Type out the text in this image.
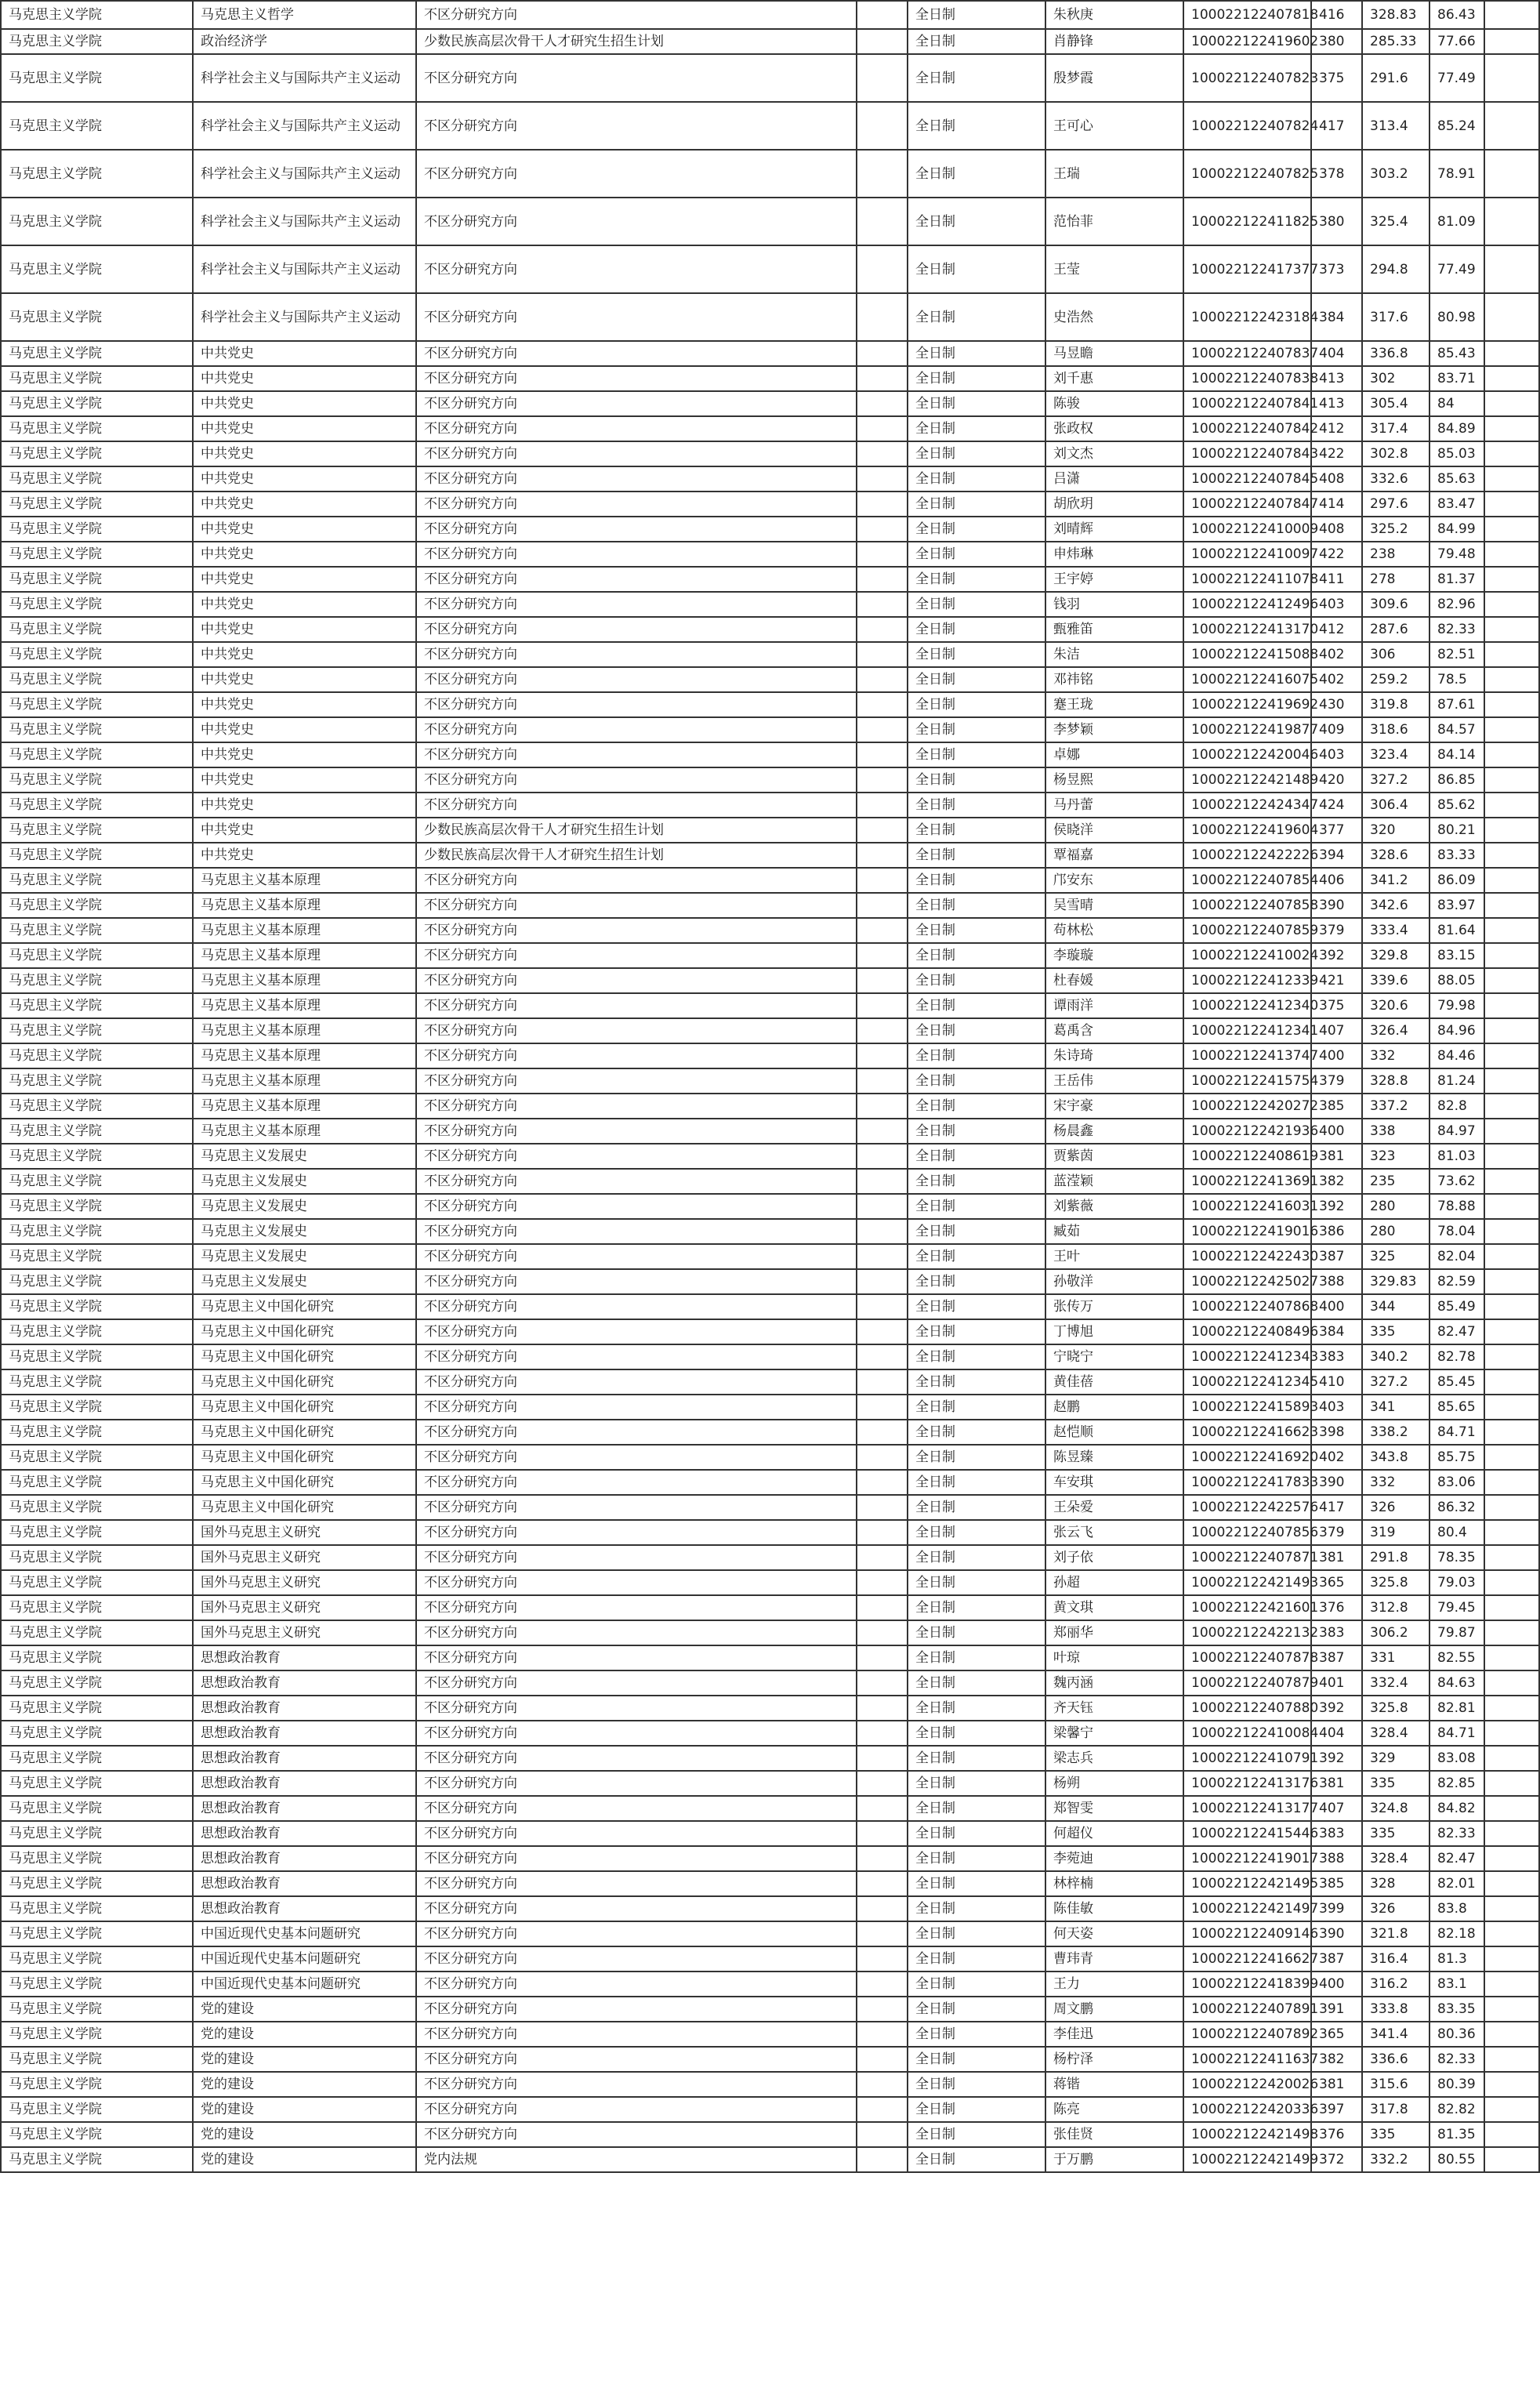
马克思主义学院	马克思主义哲学	不区分研究方向		全日制	朱秋庚	100022122407818	416	328.83	86.43	
马克思主义学院	政治经济学	少数民族高层次骨干人才研究生招生计划		全日制	肖静锋	100022122419602	380	285.33	77.66	
马克思主义学院	科学社会主义与国际共产主义运动	不区分研究方向		全日制	殷梦霞	100022122407823	375	291.6	77.49	
马克思主义学院	科学社会主义与国际共产主义运动	不区分研究方向		全日制	王可心	100022122407824	417	313.4	85.24	
马克思主义学院	科学社会主义与国际共产主义运动	不区分研究方向		全日制	王瑞	100022122407825	378	303.2	78.91	
马克思主义学院	科学社会主义与国际共产主义运动	不区分研究方向		全日制	范怡菲	100022122411825	380	325.4	81.09	
马克思主义学院	科学社会主义与国际共产主义运动	不区分研究方向		全日制	王莹	100022122417377	373	294.8	77.49	
马克思主义学院	科学社会主义与国际共产主义运动	不区分研究方向		全日制	史浩然	100022122423184	384	317.6	80.98	
马克思主义学院	中共党史	不区分研究方向		全日制	马昱瞻	100022122407837	404	336.8	85.43	
马克思主义学院	中共党史	不区分研究方向		全日制	刘千惠	100022122407838	413	302	83.71	
马克思主义学院	中共党史	不区分研究方向		全日制	陈骏	100022122407841	413	305.4	84	
马克思主义学院	中共党史	不区分研究方向		全日制	张政权	100022122407842	412	317.4	84.89	
马克思主义学院	中共党史	不区分研究方向		全日制	刘文杰	100022122407843	422	302.8	85.03	
马克思主义学院	中共党史	不区分研究方向		全日制	吕潇	100022122407845	408	332.6	85.63	
马克思主义学院	中共党史	不区分研究方向		全日制	胡欣玥	100022122407847	414	297.6	83.47	
马克思主义学院	中共党史	不区分研究方向		全日制	刘晴辉	100022122410009	408	325.2	84.99	
马克思主义学院	中共党史	不区分研究方向		全日制	申炜琳	100022122410097	422	238	79.48	
马克思主义学院	中共党史	不区分研究方向		全日制	王宇婷	100022122411078	411	278	81.37	
马克思主义学院	中共党史	不区分研究方向		全日制	钱羽	100022122412496	403	309.6	82.96	
马克思主义学院	中共党史	不区分研究方向		全日制	甄雅笛	100022122413170	412	287.6	82.33	
马克思主义学院	中共党史	不区分研究方向		全日制	朱洁	100022122415088	402	306	82.51	
马克思主义学院	中共党史	不区分研究方向		全日制	邓祎铭	100022122416075	402	259.2	78.5	
马克思主义学院	中共党史	不区分研究方向		全日制	蹇王珑	100022122419692	430	319.8	87.61	
马克思主义学院	中共党史	不区分研究方向		全日制	李梦颖	100022122419877	409	318.6	84.57	
马克思主义学院	中共党史	不区分研究方向		全日制	卓娜	100022122420046	403	323.4	84.14	
马克思主义学院	中共党史	不区分研究方向		全日制	杨昱熙	100022122421489	420	327.2	86.85	
马克思主义学院	中共党史	不区分研究方向		全日制	马丹蕾	100022122424347	424	306.4	85.62	
马克思主义学院	中共党史	少数民族高层次骨干人才研究生招生计划		全日制	侯晓洋	100022122419604	377	320	80.21	
马克思主义学院	中共党史	少数民族高层次骨干人才研究生招生计划		全日制	覃福嘉	100022122422226	394	328.6	83.33	
马克思主义学院	马克思主义基本原理	不区分研究方向		全日制	邝安东	100022122407854	406	341.2	86.09	
马克思主义学院	马克思主义基本原理	不区分研究方向		全日制	吴雪晴	100022122407858	390	342.6	83.97	
马克思主义学院	马克思主义基本原理	不区分研究方向		全日制	苟林松	100022122407859	379	333.4	81.64	
马克思主义学院	马克思主义基本原理	不区分研究方向		全日制	李璇璇	100022122410024	392	329.8	83.15	
马克思主义学院	马克思主义基本原理	不区分研究方向		全日制	杜春媛	100022122412339	421	339.6	88.05	
马克思主义学院	马克思主义基本原理	不区分研究方向		全日制	谭雨洋	100022122412340	375	320.6	79.98	
马克思主义学院	马克思主义基本原理	不区分研究方向		全日制	葛禹含	100022122412341	407	326.4	84.96	
马克思主义学院	马克思主义基本原理	不区分研究方向		全日制	朱诗琦	100022122413747	400	332	84.46	
马克思主义学院	马克思主义基本原理	不区分研究方向		全日制	王岳伟	100022122415754	379	328.8	81.24	
马克思主义学院	马克思主义基本原理	不区分研究方向		全日制	宋宇豪	100022122420272	385	337.2	82.8	
马克思主义学院	马克思主义基本原理	不区分研究方向		全日制	杨晨鑫	100022122421936	400	338	84.97	
马克思主义学院	马克思主义发展史	不区分研究方向		全日制	贾紫茵	100022122408619	381	323	81.03	
马克思主义学院	马克思主义发展史	不区分研究方向		全日制	蓝滢颖	100022122413691	382	235	73.62	
马克思主义学院	马克思主义发展史	不区分研究方向		全日制	刘紫薇	100022122416031	392	280	78.88	
马克思主义学院	马克思主义发展史	不区分研究方向		全日制	臧茹	100022122419016	386	280	78.04	
马克思主义学院	马克思主义发展史	不区分研究方向		全日制	王叶	100022122422430	387	325	82.04	
马克思主义学院	马克思主义发展史	不区分研究方向		全日制	孙敬洋	100022122425027	388	329.83	82.59	
马克思主义学院	马克思主义中国化研究	不区分研究方向		全日制	张传万	100022122407868	400	344	85.49	
马克思主义学院	马克思主义中国化研究	不区分研究方向		全日制	丁博旭	100022122408496	384	335	82.47	
马克思主义学院	马克思主义中国化研究	不区分研究方向		全日制	宁晓宁	100022122412343	383	340.2	82.78	
马克思主义学院	马克思主义中国化研究	不区分研究方向		全日制	黄佳蓓	100022122412345	410	327.2	85.45	
马克思主义学院	马克思主义中国化研究	不区分研究方向		全日制	赵鹏	100022122415893	403	341	85.65	
马克思主义学院	马克思主义中国化研究	不区分研究方向		全日制	赵恺顺	100022122416623	398	338.2	84.71	
马克思主义学院	马克思主义中国化研究	不区分研究方向		全日制	陈昱臻	100022122416920	402	343.8	85.75	
马克思主义学院	马克思主义中国化研究	不区分研究方向		全日制	车安琪	100022122417833	390	332	83.06	
马克思主义学院	马克思主义中国化研究	不区分研究方向		全日制	王朵爱	100022122422576	417	326	86.32	
马克思主义学院	国外马克思主义研究	不区分研究方向		全日制	张云飞	100022122407856	379	319	80.4	
马克思主义学院	国外马克思主义研究	不区分研究方向		全日制	刘子依	100022122407871	381	291.8	78.35	
马克思主义学院	国外马克思主义研究	不区分研究方向		全日制	孙超	100022122421493	365	325.8	79.03	
马克思主义学院	国外马克思主义研究	不区分研究方向		全日制	黄文琪	100022122421601	376	312.8	79.45	
马克思主义学院	国外马克思主义研究	不区分研究方向		全日制	郑丽华	100022122422132	383	306.2	79.87	
马克思主义学院	思想政治教育	不区分研究方向		全日制	叶琼	100022122407878	387	331	82.55	
马克思主义学院	思想政治教育	不区分研究方向		全日制	魏丙涵	100022122407879	401	332.4	84.63	
马克思主义学院	思想政治教育	不区分研究方向		全日制	齐天钰	100022122407880	392	325.8	82.81	
马克思主义学院	思想政治教育	不区分研究方向		全日制	梁馨宁	100022122410084	404	328.4	84.71	
马克思主义学院	思想政治教育	不区分研究方向		全日制	梁志兵	100022122410791	392	329	83.08	
马克思主义学院	思想政治教育	不区分研究方向		全日制	杨朔	100022122413176	381	335	82.85	
马克思主义学院	思想政治教育	不区分研究方向		全日制	郑智雯	100022122413177	407	324.8	84.82	
马克思主义学院	思想政治教育	不区分研究方向		全日制	何超仪	100022122415446	383	335	82.33	
马克思主义学院	思想政治教育	不区分研究方向		全日制	李菀迪	100022122419017	388	328.4	82.47	
马克思主义学院	思想政治教育	不区分研究方向		全日制	林梓楠	100022122421495	385	328	82.01	
马克思主义学院	思想政治教育	不区分研究方向		全日制	陈佳敏	100022122421497	399	326	83.8	
马克思主义学院	中国近现代史基本问题研究	不区分研究方向		全日制	何天姿	100022122409146	390	321.8	82.18	
马克思主义学院	中国近现代史基本问题研究	不区分研究方向		全日制	曹玮青	100022122416627	387	316.4	81.3	
马克思主义学院	中国近现代史基本问题研究	不区分研究方向		全日制	王力	100022122418399	400	316.2	83.1	
马克思主义学院	党的建设	不区分研究方向		全日制	周文鹏	100022122407891	391	333.8	83.35	
马克思主义学院	党的建设	不区分研究方向		全日制	李佳迅	100022122407892	365	341.4	80.36	
马克思主义学院	党的建设	不区分研究方向		全日制	杨柠泽	100022122411637	382	336.6	82.33	
马克思主义学院	党的建设	不区分研究方向		全日制	蒋锴	100022122420026	381	315.6	80.39	
马克思主义学院	党的建设	不区分研究方向		全日制	陈亮	100022122420336	397	317.8	82.82	
马克思主义学院	党的建设	不区分研究方向		全日制	张佳贤	100022122421498	376	335	81.35	
马克思主义学院	党的建设	党内法规		全日制	于万鹏	100022122421499	372	332.2	80.55	
